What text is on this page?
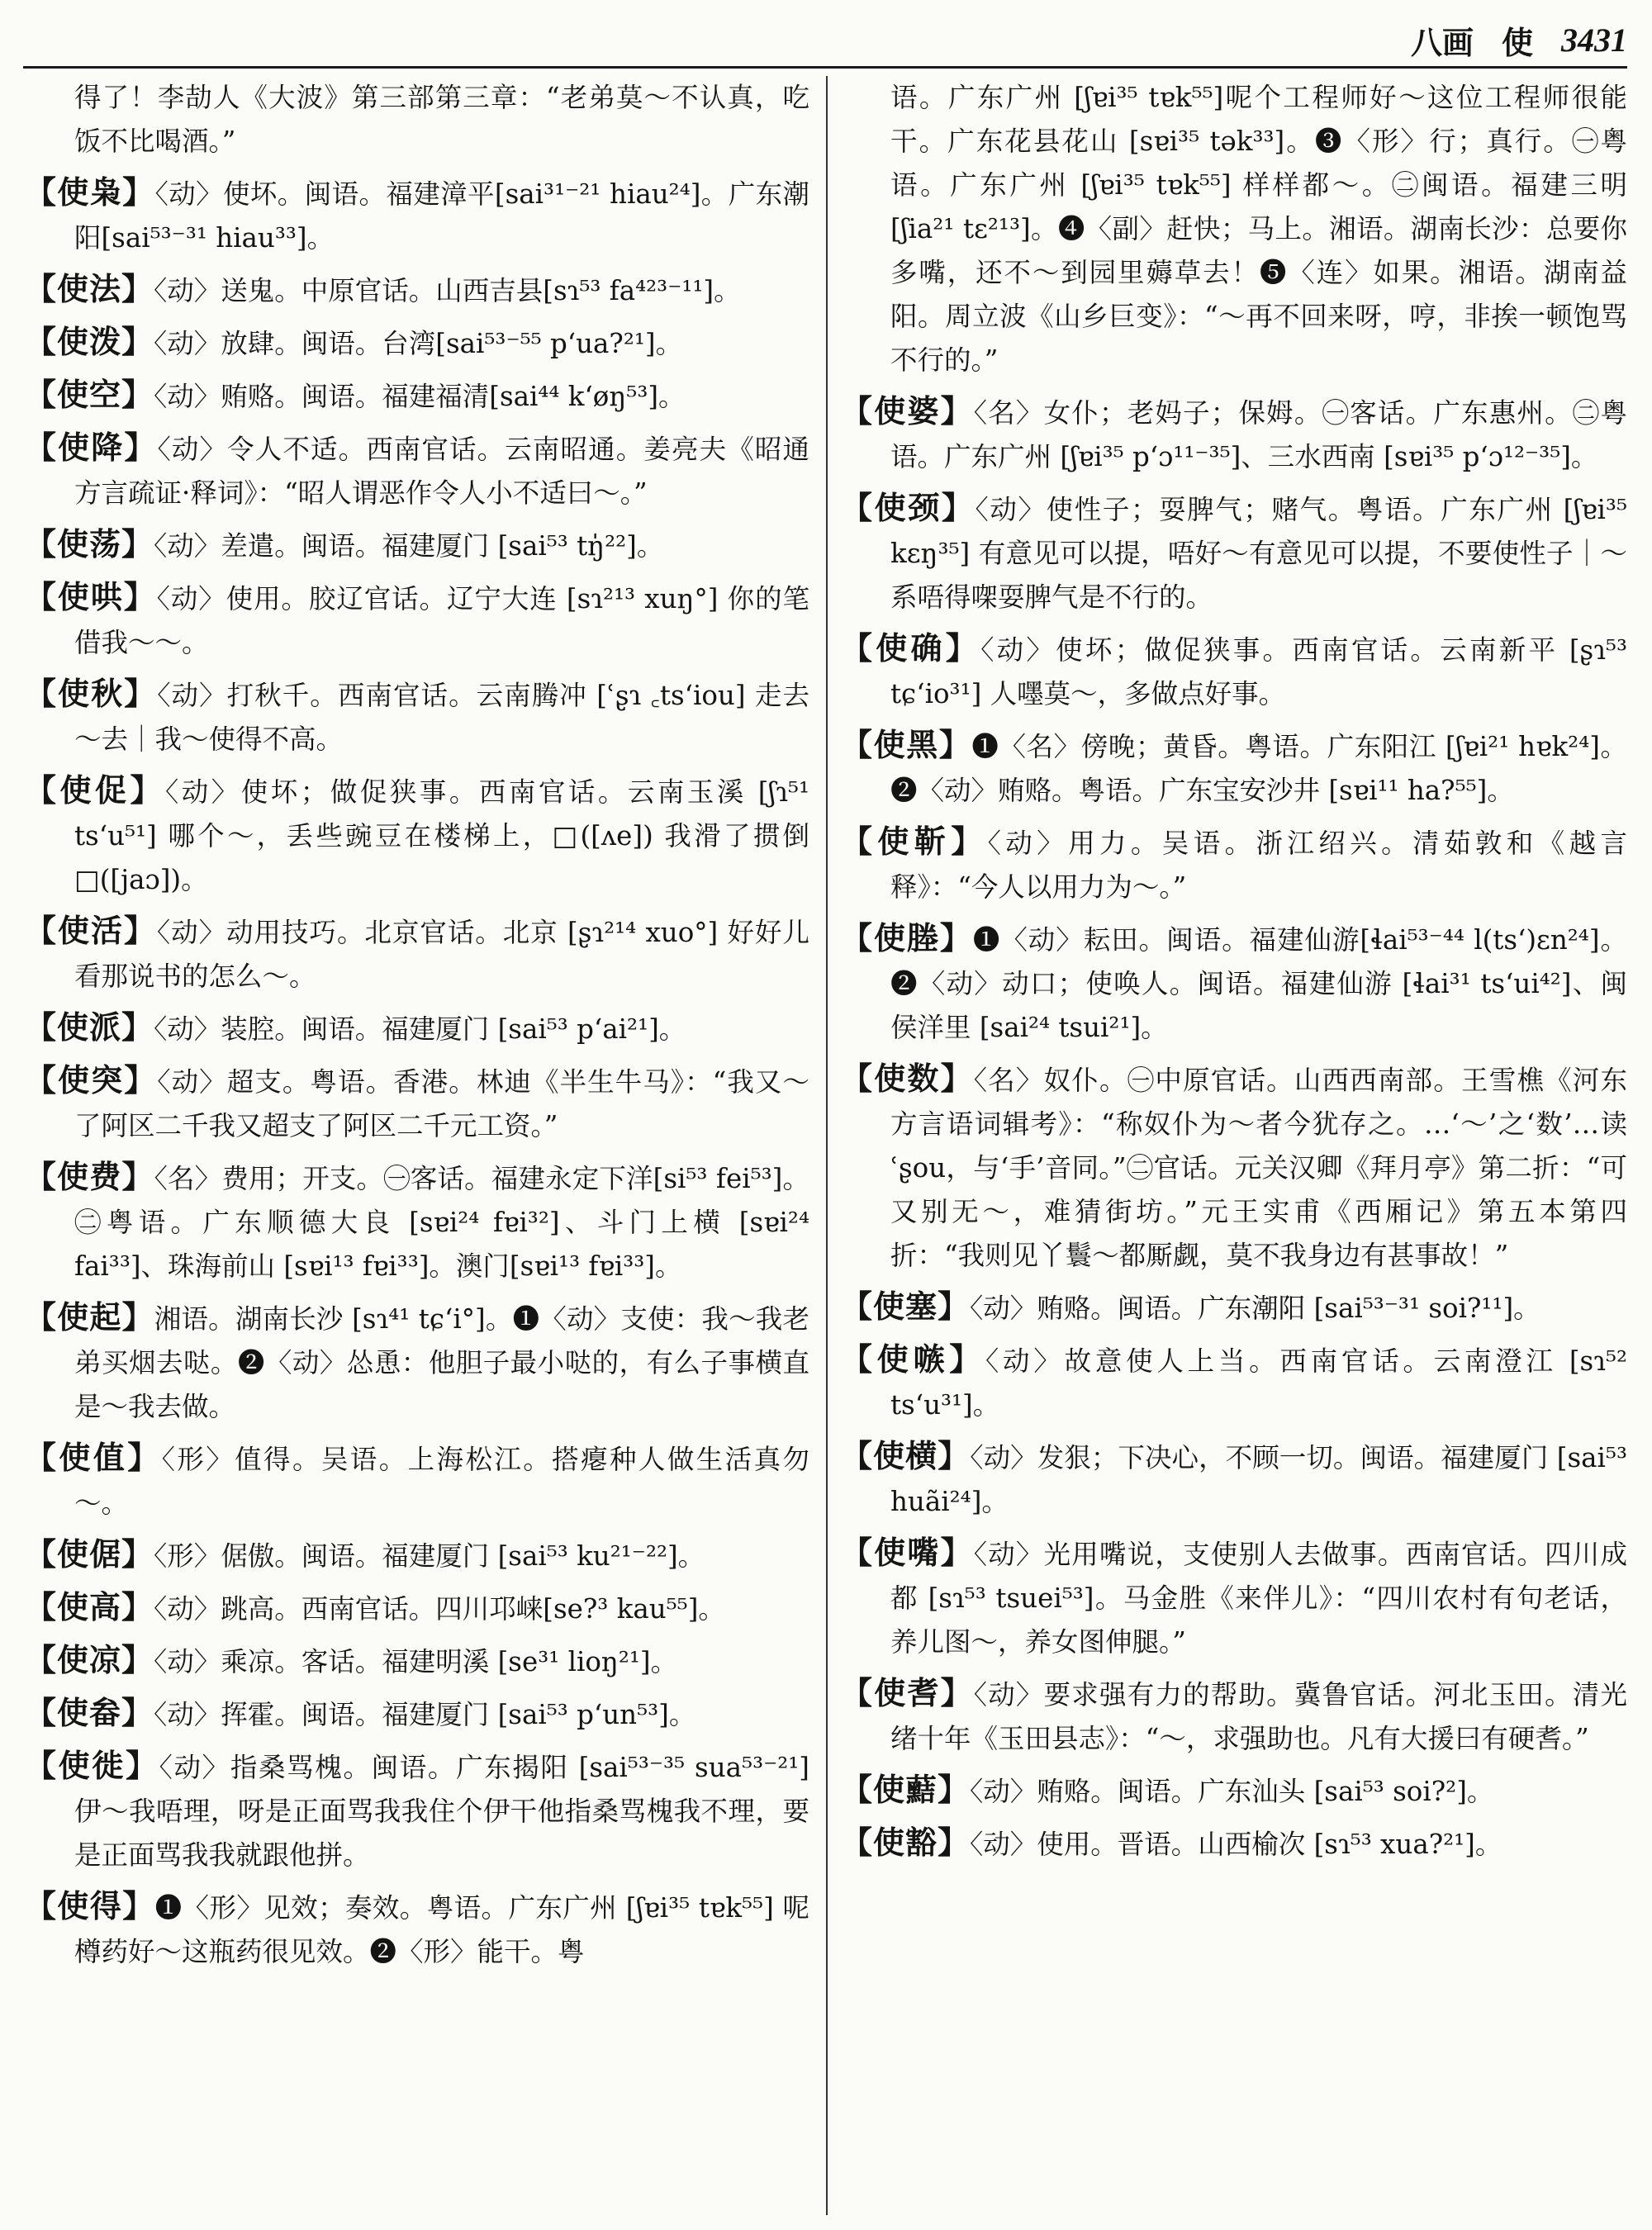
八画 使 3431

得了！李劼人《大波》第三部第三章：“老弟莫～不认真，吃饭不比喝酒。”

【使枭】〈动〉使坏。闽语。福建漳平[sai³¹⁻²¹ hiau²⁴]。广东潮阳[sai⁵³⁻³¹ hiau³³]。

【使法】〈动〉送鬼。中原官话。山西吉县[sɿ⁵³ fa⁴²³⁻¹¹]。

【使泼】〈动〉放肆。闽语。台湾[sai⁵³⁻⁵⁵ pʻua?²¹]。

【使空】〈动〉贿赂。闽语。福建福清[sai⁴⁴ kʻøŋ⁵³]。

【使降】〈动〉令人不适。西南官话。云南昭通。姜亮夫《昭通方言疏证·释词》：“昭人谓恶作令人小不适曰～。”

【使荡】〈动〉差遣。闽语。福建厦门 [sai⁵³ tŋ̍²²]。

【使哄】〈动〉使用。胶辽官话。辽宁大连 [sɿ²¹³ xuŋ°] 你的笔借我～～。

【使秋】〈动〉打秋千。西南官话。云南腾冲 [ʿʂɿ ꜀tsʻiou] 走去～去｜我～使得不高。

【使促】〈动〉使坏；做促狭事。西南官话。云南玉溪 [ʃɿ⁵¹ tsʻu⁵¹] 哪个～，丢些豌豆在楼梯上，□([ʌe]) 我滑了掼倒 □([jaɔ])。

【使活】〈动〉动用技巧。北京官话。北京 [ʂɿ²¹⁴ xuo°] 好好儿看那说书的怎么～。

【使派】〈动〉装腔。闽语。福建厦门 [sai⁵³ pʻai²¹]。

【使突】〈动〉超支。粤语。香港。林迪《半生牛马》：“我又～了阿区二千我又超支了阿区二千元工资。”

【使费】〈名〉费用；开支。㊀客话。福建永定下洋[si⁵³ fei⁵³]。㊁粤语。广东顺德大良 [sɐi²⁴ fɐi³²]、斗门上横 [sɐi²⁴ fai³³]、珠海前山 [sɐi¹³ fɐi³³]。澳门[sɐi¹³ fɐi³³]。

【使起】湘语。湖南长沙 [sɿ⁴¹ tɕʻi°]。❶〈动〉支使：我～我老弟买烟去哒。❷〈动〉怂恿：他胆子最小哒的，有么子事横直是～我去做。

【使值】〈形〉值得。吴语。上海松江。搭瘪种人做生活真勿～。

【使倨】〈形〉倨傲。闽语。福建厦门 [sai⁵³ ku²¹⁻²²]。

【使高】〈动〉跳高。西南官话。四川邛崃[se?³ kau⁵⁵]。

【使凉】〈动〉乘凉。客话。福建明溪 [se³¹ lioŋ²¹]。

【使畚】〈动〉挥霍。闽语。福建厦门 [sai⁵³ pʻun⁵³]。

【使徙】〈动〉指桑骂槐。闽语。广东揭阳 [sai⁵³⁻³⁵ sua⁵³⁻²¹] 伊～我唔理，呀是正面骂我我住个伊干他指桑骂槐我不理，要是正面骂我我就跟他拼。

【使得】❶〈形〉见效；奏效。粤语。广东广州 [ʃɐi³⁵ tɐk⁵⁵] 呢樽药好～这瓶药很见效。❷〈形〉能干。粤

语。广东广州 [ʃɐi³⁵ tɐk⁵⁵]呢个工程师好～这位工程师很能干。广东花县花山 [sɐi³⁵ tək³³]。❸〈形〉行；真行。㊀粤语。广东广州 [ʃɐi³⁵ tɐk⁵⁵] 样样都～。㊁闽语。福建三明 [ʃia²¹ tɛ²¹³]。❹〈副〉赶快；马上。湘语。湖南长沙：总要你多嘴，还不～到园里薅草去！❺〈连〉如果。湘语。湖南益阳。周立波《山乡巨变》：“～再不回来呀，哼，非挨一顿饱骂不行的。”

【使婆】〈名〉女仆；老妈子；保姆。㊀客话。广东惠州。㊁粤语。广东广州 [ʃɐi³⁵ pʻɔ¹¹⁻³⁵]、三水西南 [sɐi³⁵ pʻɔ¹²⁻³⁵]。

【使颈】〈动〉使性子；耍脾气；赌气。粤语。广东广州 [ʃɐi³⁵ kɛŋ³⁵] 有意见可以提，唔好～有意见可以提，不要使性子｜～系唔得㗎耍脾气是不行的。

【使确】〈动〉使坏；做促狭事。西南官话。云南新平 [ʂɿ⁵³ tɕʻio³¹] 人嚜莫～，多做点好事。

【使黑】❶〈名〉傍晚；黄昏。粤语。广东阳江 [ʃɐi²¹ hɐk²⁴]。❷〈动〉贿赂。粤语。广东宝安沙井 [sɐi¹¹ ha?⁵⁵]。

【使靳】〈动〉用力。吴语。浙江绍兴。清茹敦和《越言释》：“今人以用力为～。”

【使塍】❶〈动〉耘田。闽语。福建仙游[ɬai⁵³⁻⁴⁴ l(tsʻ)ɛn²⁴]。❷〈动〉动口；使唤人。闽语。福建仙游 [ɬai³¹ tsʻui⁴²]、闽侯洋里 [sai²⁴ tsui²¹]。

【使数】〈名〉奴仆。㊀中原官话。山西西南部。王雪樵《河东方言语词辑考》：“称奴仆为～者今犹存之。…‘～’之‘数’…读ʿʂou，与‘手’音同。”㊁官话。元关汉卿《拜月亭》第二折：“可又别无～，难猜街坊。”元王实甫《西厢记》第五本第四折：“我则见丫鬟～都厮觑，莫不我身边有甚事故！”

【使塞】〈动〉贿赂。闽语。广东潮阳 [sai⁵³⁻³¹ soi?¹¹]。

【使嗾】〈动〉故意使人上当。西南官话。云南澄江 [sɿ⁵² tsʻu³¹]。

【使横】〈动〉发狠；下决心，不顾一切。闽语。福建厦门 [sai⁵³ huãi²⁴]。

【使嘴】〈动〉光用嘴说，支使别人去做事。西南官话。四川成都 [sɿ⁵³ tsuei⁵³]。马金胜《来伴儿》：“四川农村有句老话，养儿图～，养女图伸腿。”

【使㖈】〈动〉要求强有力的帮助。冀鲁官话。河北玉田。清光绪十年《玉田县志》：“～，求强助也。凡有大援曰有硬㖈。”

【使䕸】〈动〉贿赂。闽语。广东汕头 [sai⁵³ soi?²]。

【使豁】〈动〉使用。晋语。山西榆次 [sɿ⁵³ xua?²¹]。
